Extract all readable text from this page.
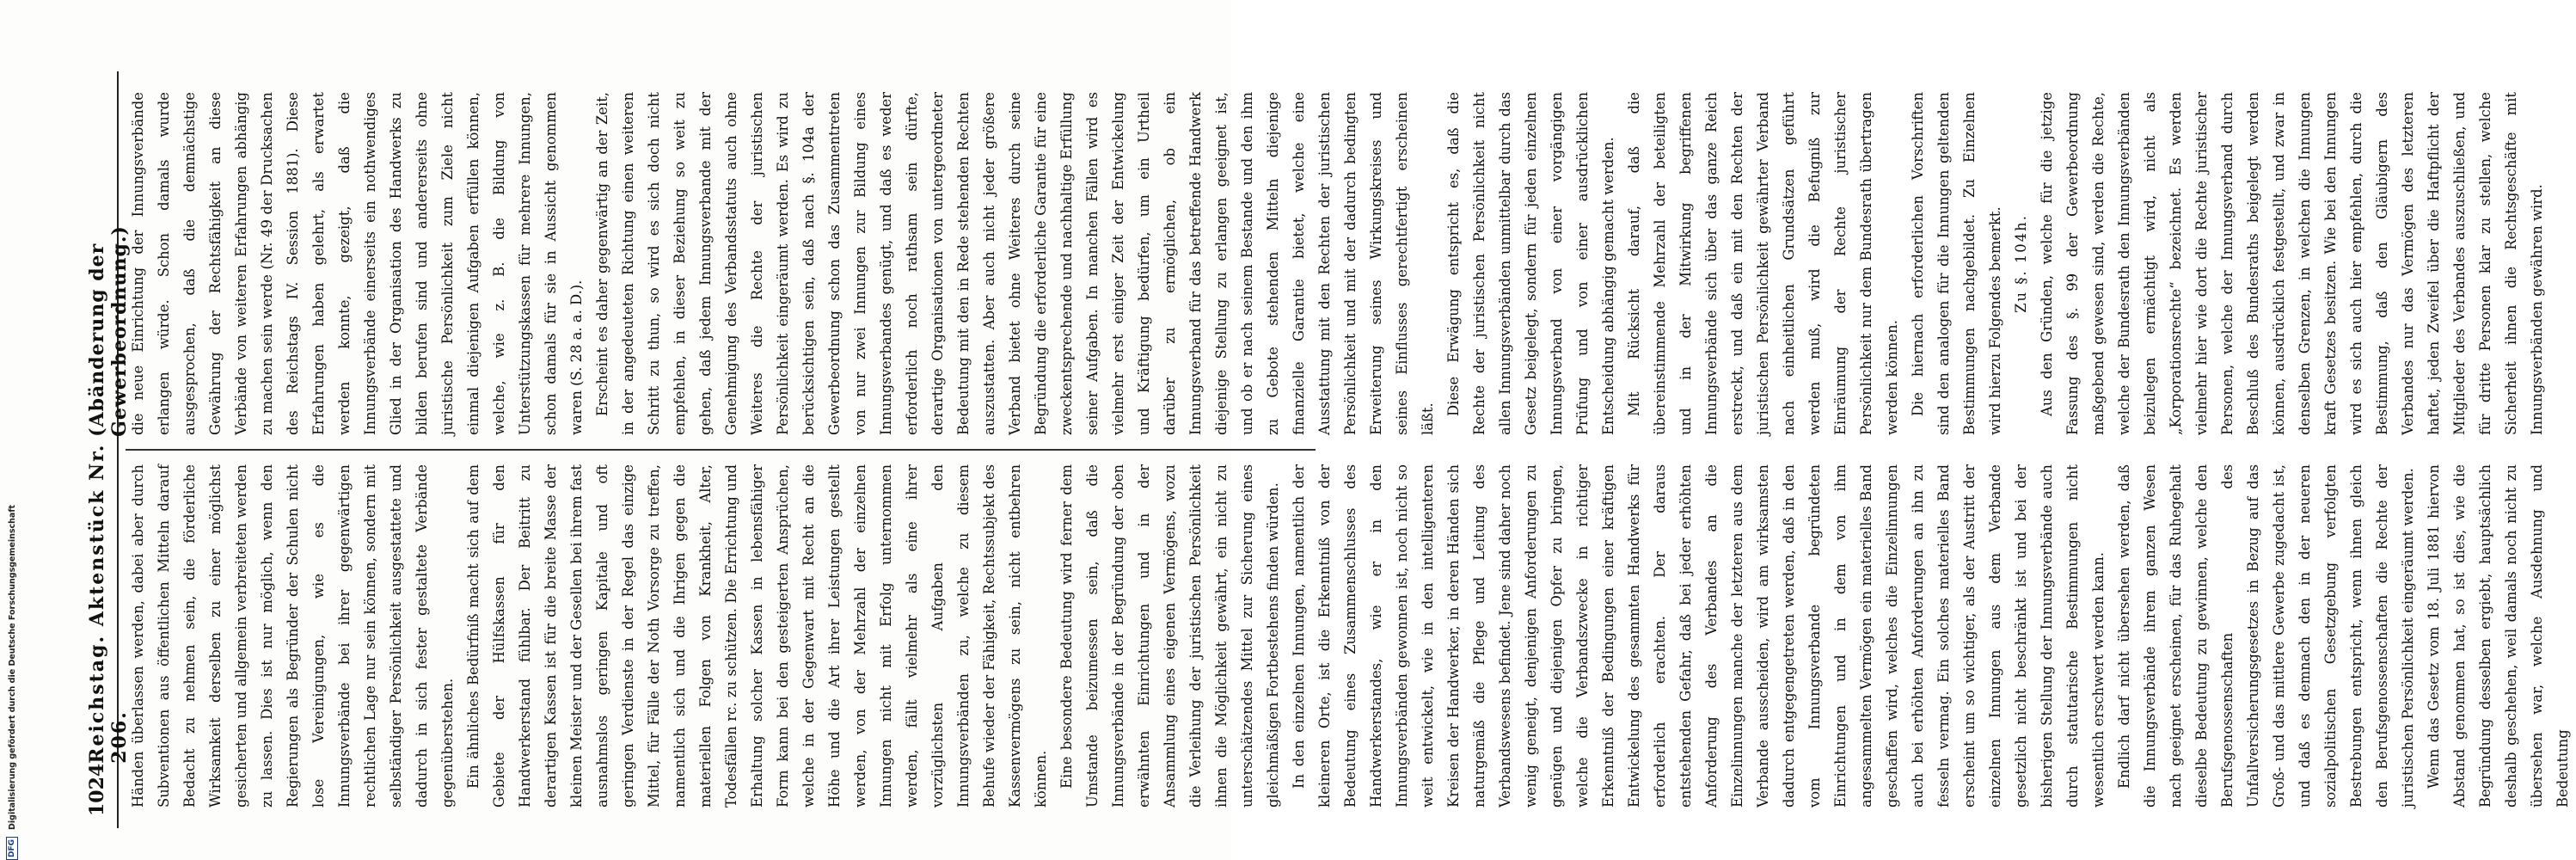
1024
Reichstag. Aktenstück Nr. 206.
(Abänderung der Gewerbeordnung.)

Händen überlassen werden, dabei aber durch Subventionen aus öffentlichen Mitteln darauf Bedacht zu nehmen sein, die förderliche Wirksamkeit derselben zu einer möglichst gesicherten und allgemein verbreiteten werden zu lassen. Dies ist nur möglich, wenn den Regierungen als Begründer der Schulen nicht lose Vereinigungen, wie es die Innungsverbände bei ihrer gegenwärtigen rechtlichen Lage nur sein können, sondern mit selbständiger Persönlichkeit ausgestattete und dadurch in sich fester gestaltete Verbände gegenüberstehen. Ein ähnliches Bedürfniß macht sich auf dem Gebiete der Hülfskassen für den Handwerkerstand fühlbar. Der Beitritt zu derartigen Kassen ist für die breite Masse der kleinen Meister und der Gesellen bei ihrem fast ausnahmslos geringen Kapitale und oft geringen Verdienste in der Regel das einzige Mittel, für Fälle der Noth Vorsorge zu treffen, namentlich sich und die Ihrigen gegen die materiellen Folgen von Krankheit, Alter, Todesfällen rc. zu schützen. Die Errichtung und Erhaltung solcher Kassen in lebensfähiger Form kann bei den gesteigerten Ansprüchen, welche in der Gegenwart mit Recht an die Höhe und die Art ihrer Leistungen gestellt werden, von der Mehrzahl der einzelnen Innungen nicht mit Erfolg unternommen werden, fällt vielmehr als eine ihrer vorzüglichsten Aufgaben den Innungsverbänden zu, welche zu diesem Behufe wieder der Fähigkeit, Rechtssubjekt des Kassenvermögens zu sein, nicht entbehren können. Eine besondere Bedeutung wird ferner dem Umstande beizumessen sein, daß die Innungsverbände in der Begründung der oben erwähnten Einrichtungen und in der Ansammlung eines eigenen Vermögens, wozu die Verleihung der juristischen Persönlichkeit ihnen die Möglichkeit gewährt, ein nicht zu unterschätzendes Mittel zur Sicherung eines gleichmäßigen Fortbestehens finden würden. In den einzelnen Innungen, namentlich der kleineren Orte, ist die Erkenntniß von der Bedeutung eines Zusammenschlusses des Handwerkerstandes, wie er in den Innungsverbänden gewonnen ist, noch nicht so weit entwickelt, wie in den intelligenteren Kreisen der Handwerker, in deren Händen sich naturgemäß die Pflege und Leitung des Verbandswesens befindet. Jene sind daher noch wenig geneigt, denjenigen Anforderungen zu genügen und diejenigen Opfer zu bringen, welche die Verbandszwecke in richtiger Erkenntniß der Bedingungen einer kräftigen Entwickelung des gesammten Handwerks für erforderlich erachten. Der daraus entstehenden Gefahr, daß bei jeder erhöhten Anforderung des Verbandes an die Einzelinnungen manche der letzteren aus dem Verbande ausscheiden, wird am wirksamsten dadurch entgegengetreten werden, daß in den vom Innungsverbande begründeten Einrichtungen und in dem von ihm angesammelten Vermögen ein materielles Band geschaffen wird, welches die Einzelinnungen auch bei erhöhten Anforderungen an ihn zu fesseln vermag. Ein solches materielles Band erscheint um so wichtiger, als der Austritt der einzelnen Innungen aus dem Verbande gesetzlich nicht beschränkt ist und bei der bisherigen Stellung der Innungsverbände auch durch statutarische Bestimmungen nicht wesentlich erschwert werden kann. Endlich darf nicht übersehen werden, daß die Innungsverbände ihrem ganzen Wesen nach geeignet erscheinen, für das Ruhegehalt dieselbe Bedeutung zu gewinnen, welche den Berufsgenossenschaften des Unfallversicherungsgesetzes in Bezug auf das Groß- und das mittlere Gewerbe zugedacht ist, und daß es demnach den in der neueren sozialpolitischen Gesetzgebung verfolgten Bestrebungen entspricht, wenn ihnen gleich den Berufsgenossenschaften die Rechte der juristischen Persönlichkeit eingeräumt werden. Wenn das Gesetz vom 18. Juli 1881 hiervon Abstand genommen hat, so ist dies, wie die Begründung desselben ergiebt, hauptsächlich deshalb geschehen, weil damals noch nicht zu übersehen war, welche Ausdehnung und Bedeutung

die neue Einrichtung der Innungsverbände erlangen würde. Schon damals wurde ausgesprochen, daß die demnächstige Gewährung der Rechtsfähigkeit an diese Verbände von weiteren Erfahrungen abhängig zu machen sein werde (Nr. 49 der Drucksachen des Reichstags IV. Session 1881). Diese Erfahrungen haben gelehrt, als erwartet werden konnte, gezeigt, daß die Innungsverbände einerseits ein nothwendiges Glied in der Organisation des Handwerks zu bilden berufen sind und andererseits ohne juristische Persönlichkeit zum Ziele nicht einmal diejenigen Aufgaben erfüllen können, welche, wie z. B. die Bildung von Unterstützungskassen für mehrere Innungen, schon damals für sie in Aussicht genommen waren (S. 28 a. a. D.). Erscheint es daher gegenwärtig an der Zeit, in der angedeuteten Richtung einen weiteren Schritt zu thun, so wird es sich doch nicht empfehlen, in dieser Beziehung so weit zu gehen, daß jedem Innungsverbande mit der Genehmigung des Verbandsstatuts auch ohne Weiteres die Rechte der juristischen Persönlichkeit eingeräumt werden. Es wird zu berücksichtigen sein, daß nach §. 104a der Gewerbeordnung schon das Zusammentreten von nur zwei Innungen zur Bildung eines Innungsverbandes genügt, und daß es weder erforderlich noch rathsam sein dürfte, derartige Organisationen von untergeordneter Bedeutung mit den in Rede stehenden Rechten auszustatten. Aber auch nicht jeder größere Verband bietet ohne Weiteres durch seine Begründung die erforderliche Garantie für eine zweckentsprechende und nachhaltige Erfüllung seiner Aufgaben. In manchen Fällen wird es vielmehr erst einiger Zeit der Entwickelung und Kräftigung bedürfen, um ein Urtheil darüber zu ermöglichen, ob ein Innungsverband für das betreffende Handwerk diejenige Stellung zu erlangen geeignet ist, und ob er nach seinem Bestande und den ihm zu Gebote stehenden Mitteln diejenige finanzielle Garantie bietet, welche eine Ausstattung mit den Rechten der juristischen Persönlichkeit und mit der dadurch bedingten Erweiterung seines Wirkungskreises und seines Einflusses gerechtfertigt erscheinen läßt.

Diese Erwägung entspricht es, daß die Rechte der juristischen Persönlichkeit nicht allen Innungsverbänden unmittelbar durch das Gesetz beigelegt, sondern für jeden einzelnen Innungsverband von einer vorgängigen Prüfung und von einer ausdrücklichen Entscheidung abhängig gemacht werden. Mit Rücksicht darauf, daß die übereinstimmende Mehrzahl der beteiligten und in der Mitwirkung begriffenen Innungsverbände sich über das ganze Reich erstreckt, und daß ein mit den Rechten der juristischen Persönlichkeit gewährter Verband nach einheitlichen Grundsätzen geführt werden muß, wird die Befugniß zur Einräumung der Rechte juristischer Persönlichkeit nur dem Bundesrath übertragen werden können. Die hiernach erforderlichen Vorschriften sind den analogen für die Innungen geltenden Bestimmungen nachgebildet. Zu Einzelnen wird hierzu Folgendes bemerkt. Zu §. 104h. Aus den Gründen, welche für die jetzige Fassung des §. 99 der Gewerbeordnung maßgebend gewesen sind, werden die Rechte, welche der Bundesrath den Innungsverbänden beizulegen ermächtigt wird, nicht als „Korporationsrechte“ bezeichnet. Es werden vielmehr hier wie dort die Rechte juristischer Personen, welche der Innungsverband durch Beschluß des Bundesraths beigelegt werden können, ausdrücklich festgestellt, und zwar in denselben Grenzen, in welchen die Innungen kraft Gesetzes besitzen. Wie bei den Innungen wird es sich auch hier empfehlen, durch die Bestimmung, daß den Gläubigern des Verbandes nur das Vermögen des letzteren haftet, jeden Zweifel über die Haftpflicht der Mitglieder des Verbandes auszuschließen, und für dritte Personen klar zu stellen, welche Sicherheit ihnen die Rechtsgeschäfte mit Innungsverbänden gewähren wird.

DFG
Digitalisierung gefördert durch die Deutsche Forschungsgemeinschaft
